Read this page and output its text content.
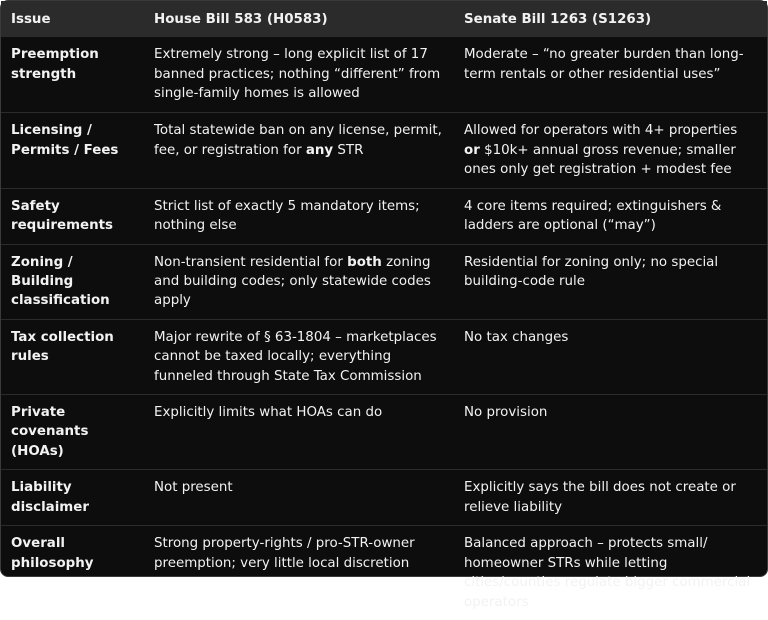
Issue	House Bill 583 (H0583)	Senate Bill 1263 (S1263)
Preemption strength	Extremely strong – long explicit list of 17 banned practices; nothing “different” from single-family homes is allowed	Moderate – “no greater burden than long-term rentals or other residential uses”
Licensing / Permits / Fees	Total statewide ban on any license, permit, fee, or registration for any STR	Allowed for operators with 4+ properties or $10k+ annual gross revenue; smaller ones only get registration + modest fee
Safety requirements	Strict list of exactly 5 mandatory items; nothing else	4 core items required; extinguishers & ladders are optional (“may”)
Zoning / Building classification	Non-transient residential for both zoning and building codes; only statewide codes apply	Residential for zoning only; no special building-code rule
Tax collection rules	Major rewrite of § 63-1804 – marketplaces cannot be taxed locally; everything funneled through State Tax Commission	No tax changes
Private covenants (HOAs)	Explicitly limits what HOAs can do	No provision
Liability disclaimer	Not present	Explicitly says the bill does not create or relieve liability
Overall philosophy	Strong property-rights / pro-STR-owner preemption; very little local discretion	Balanced approach – protects small/ homeowner STRs while letting cities/counties regulate bigger commercial operators
